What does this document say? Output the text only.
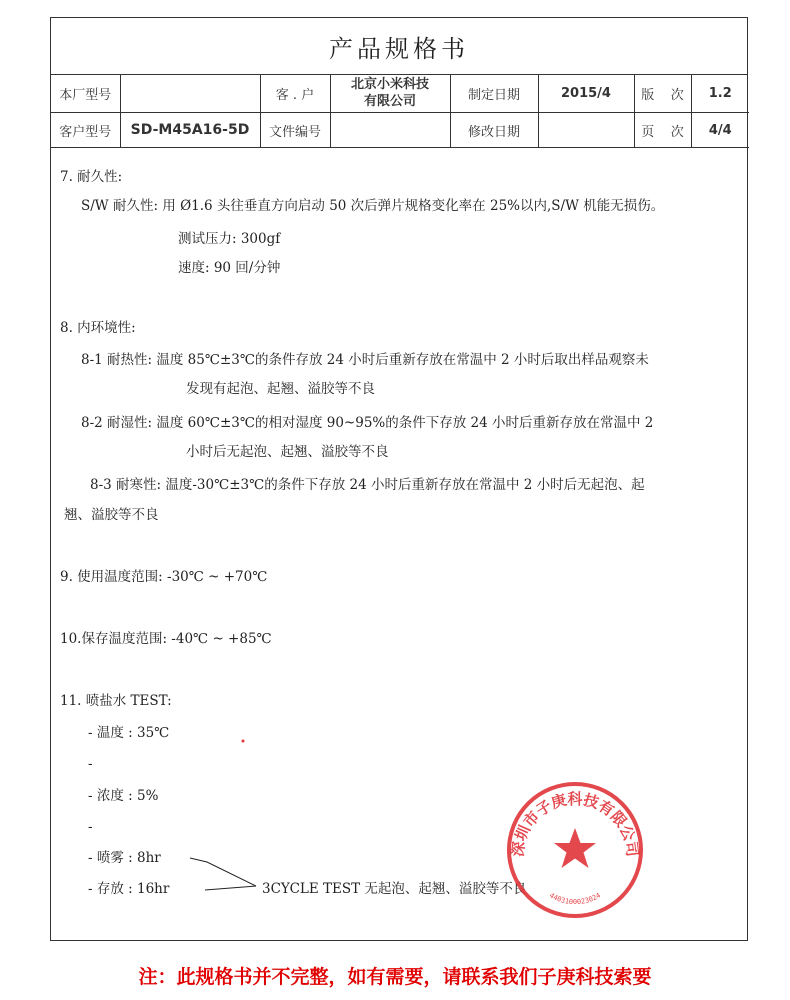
产品规格书
本厂型号		客 . 户	北京小米科技
有限公司	制定日期	2015/4	版    次	1.2
客户型号	SD-M45A16-5D	文件编号		修改日期		页    次	4/4
7. 耐久性:
S/W 耐久性: 用 Ø1.6 头往垂直方向启动 50 次后弹片规格变化率在 25%以内,S/W 机能无损伤。
测试压力: 300gf
速度: 90 回/分钟
8. 内环境性:
8-1 耐热性: 温度 85℃±3℃的条件存放 24 小时后重新存放在常温中 2 小时后取出样品观察未
发现有起泡、起翘、溢胶等不良
8-2 耐湿性: 温度 60℃±3℃的相对湿度 90~95%的条件下存放 24 小时后重新存放在常温中 2
小时后无起泡、起翘、溢胶等不良
8-3 耐寒性: 温度-30℃±3℃的条件下存放 24 小时后重新存放在常温中 2 小时后无起泡、起
翘、溢胶等不良
9. 使用温度范围: -30℃ ~ +70℃
10.保存温度范围: -40℃ ~ +85℃
11. 喷盐水 TEST:
- 温度 : 35℃
-
- 浓度 : 5%
-
- 喷雾 : 8hr
- 存放 : 16hr	3CYCLE TEST 无起泡、起翘、溢胶等不良
深圳市子庚科技有限公司
4403100023024
注：此规格书并不完整，如有需要，请联系我们子庚科技索要
